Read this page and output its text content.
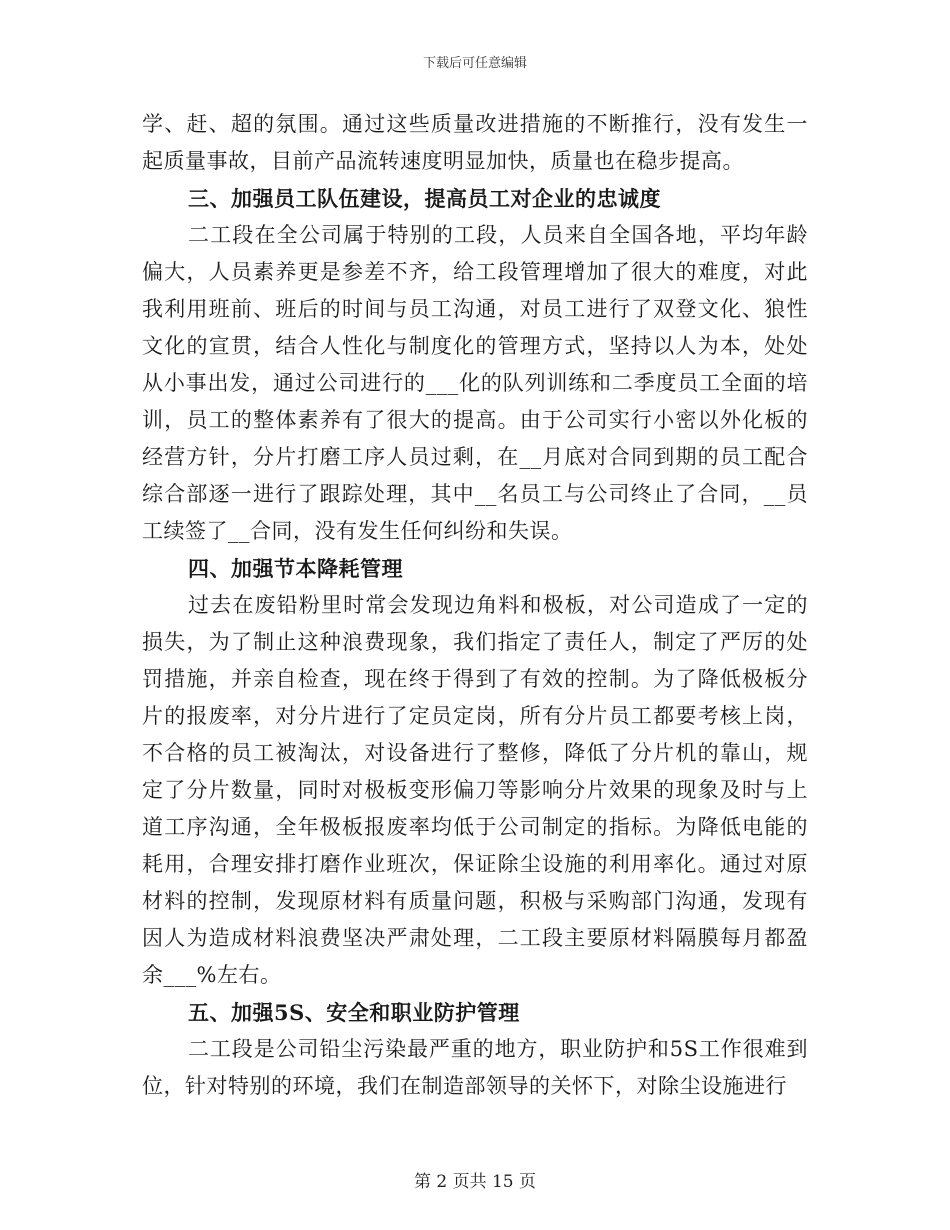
下载后可任意编辑

学、赶、超的氛围。通过这些质量改进措施的不断推行，没有发生一起质量事故，目前产品流转速度明显加快，质量也在稳步提高。

三、加强员工队伍建设，提高员工对企业的忠诚度

二工段在全公司属于特别的工段，人员来自全国各地，平均年龄偏大，人员素养更是参差不齐，给工段管理增加了很大的难度，对此我利用班前、班后的时间与员工沟通，对员工进行了双登文化、狼性文化的宣贯，结合人性化与制度化的管理方式，坚持以人为本，处处从小事出发，通过公司进行的___化的队列训练和二季度员工全面的培训，员工的整体素养有了很大的提高。由于公司实行小密以外化板的经营方针，分片打磨工序人员过剩，在__月底对合同到期的员工配合综合部逐一进行了跟踪处理，其中__名员工与公司终止了合同，__员工续签了__合同，没有发生任何纠纷和失误。

四、加强节本降耗管理

过去在废铅粉里时常会发现边角料和极板，对公司造成了一定的损失，为了制止这种浪费现象，我们指定了责任人，制定了严厉的处罚措施，并亲自检查，现在终于得到了有效的控制。为了降低极板分片的报废率，对分片进行了定员定岗，所有分片员工都要考核上岗，不合格的员工被淘汰，对设备进行了整修，降低了分片机的靠山，规定了分片数量，同时对极板变形偏刀等影响分片效果的现象及时与上道工序沟通，全年极板报废率均低于公司制定的指标。为降低电能的耗用，合理安排打磨作业班次，保证除尘设施的利用率化。通过对原材料的控制，发现原材料有质量问题，积极与采购部门沟通，发现有因人为造成材料浪费坚决严肃处理，二工段主要原材料隔膜每月都盈余___%左右。

五、加强5S、安全和职业防护管理

二工段是公司铅尘污染最严重的地方，职业防护和5S工作很难到位，针对特别的环境，我们在制造部领导的关怀下，对除尘设施进行

第 2 页共 15 页
